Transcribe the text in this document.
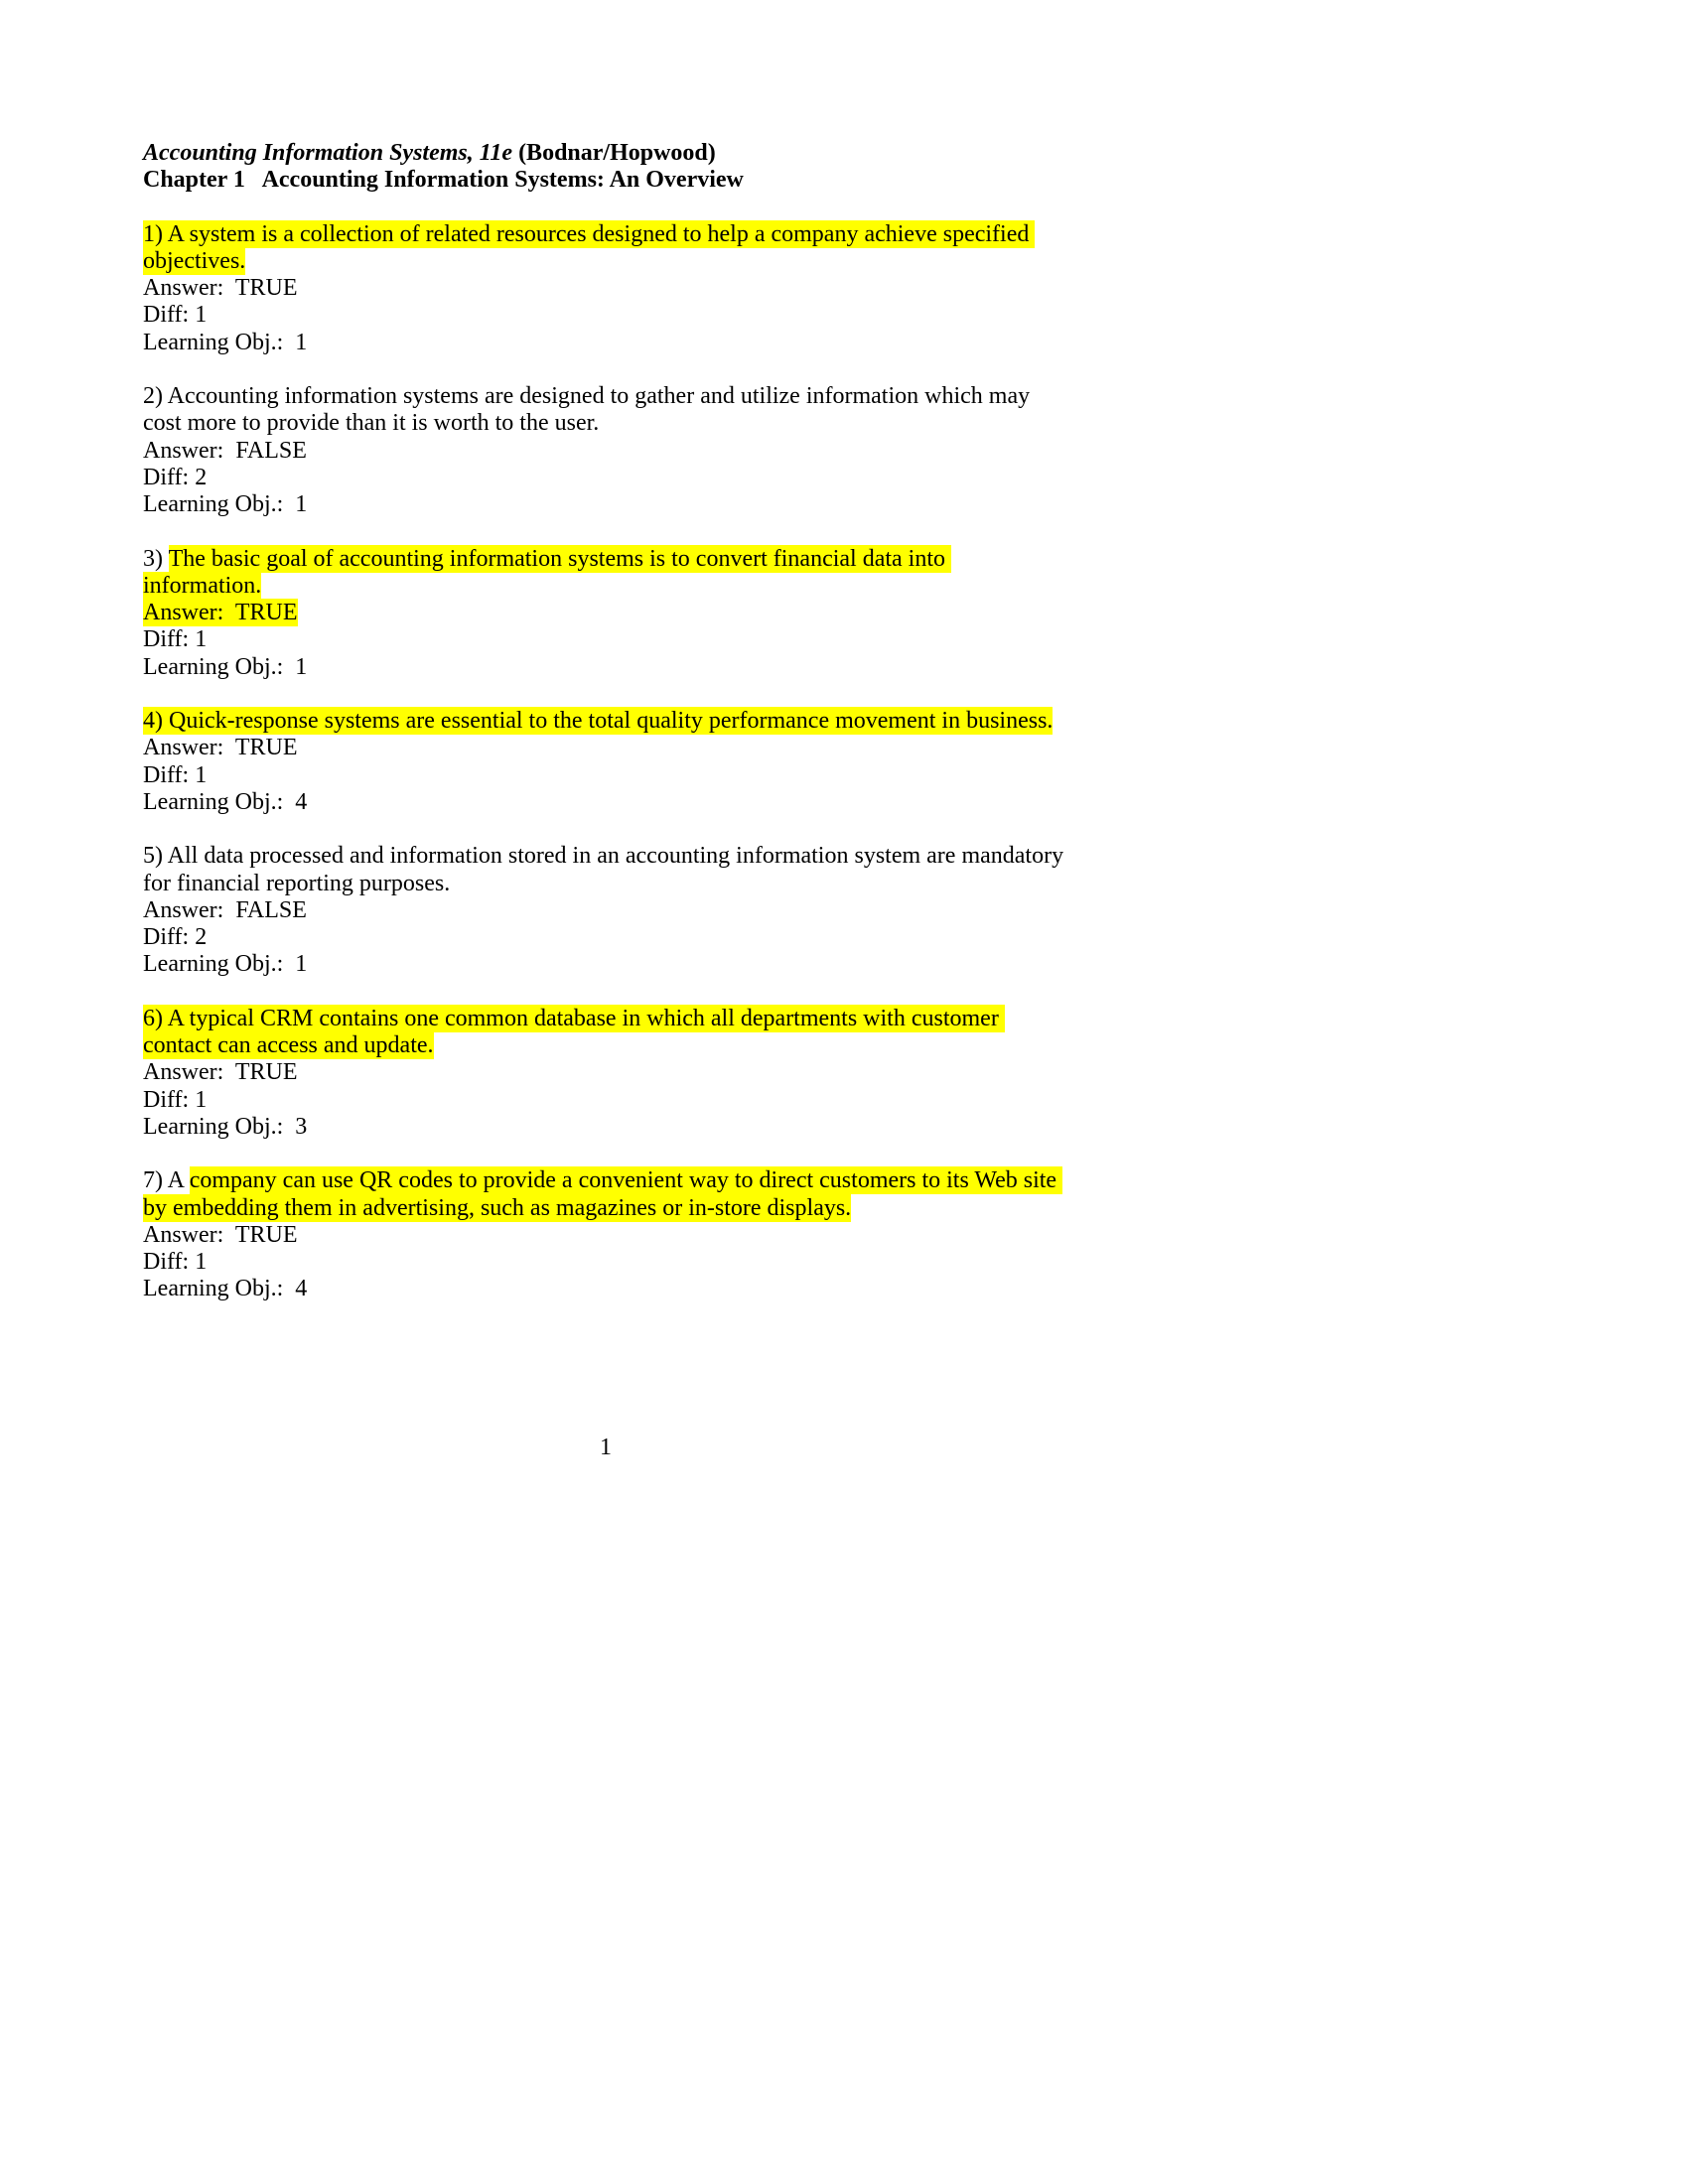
Accounting Information Systems, 11e (Bodnar/Hopwood)

Chapter 1   Accounting Information Systems: An Overview

1) A system is a collection of related resources designed to help a company achieve specified objectives.

Answer:  TRUE

Diff: 1

Learning Obj.:  1

2) Accounting information systems are designed to gather and utilize information which may cost more to provide than it is worth to the user.

Answer:  FALSE

Diff: 2

Learning Obj.:  1

3) The basic goal of accounting information systems is to convert financial data into information.

Answer:  TRUE

Diff: 1

Learning Obj.:  1

4) Quick-response systems are essential to the total quality performance movement in business.

Answer:  TRUE

Diff: 1

Learning Obj.:  4

5) All data processed and information stored in an accounting information system are mandatory for financial reporting purposes.

Answer:  FALSE

Diff: 2

Learning Obj.:  1

6) A typical CRM contains one common database in which all departments with customer contact can access and update.

Answer:  TRUE

Diff: 1

Learning Obj.:  3

7) A company can use QR codes to provide a convenient way to direct customers to its Web site by embedding them in advertising, such as magazines or in-store displays.

Answer:  TRUE

Diff: 1

Learning Obj.:  4

1
